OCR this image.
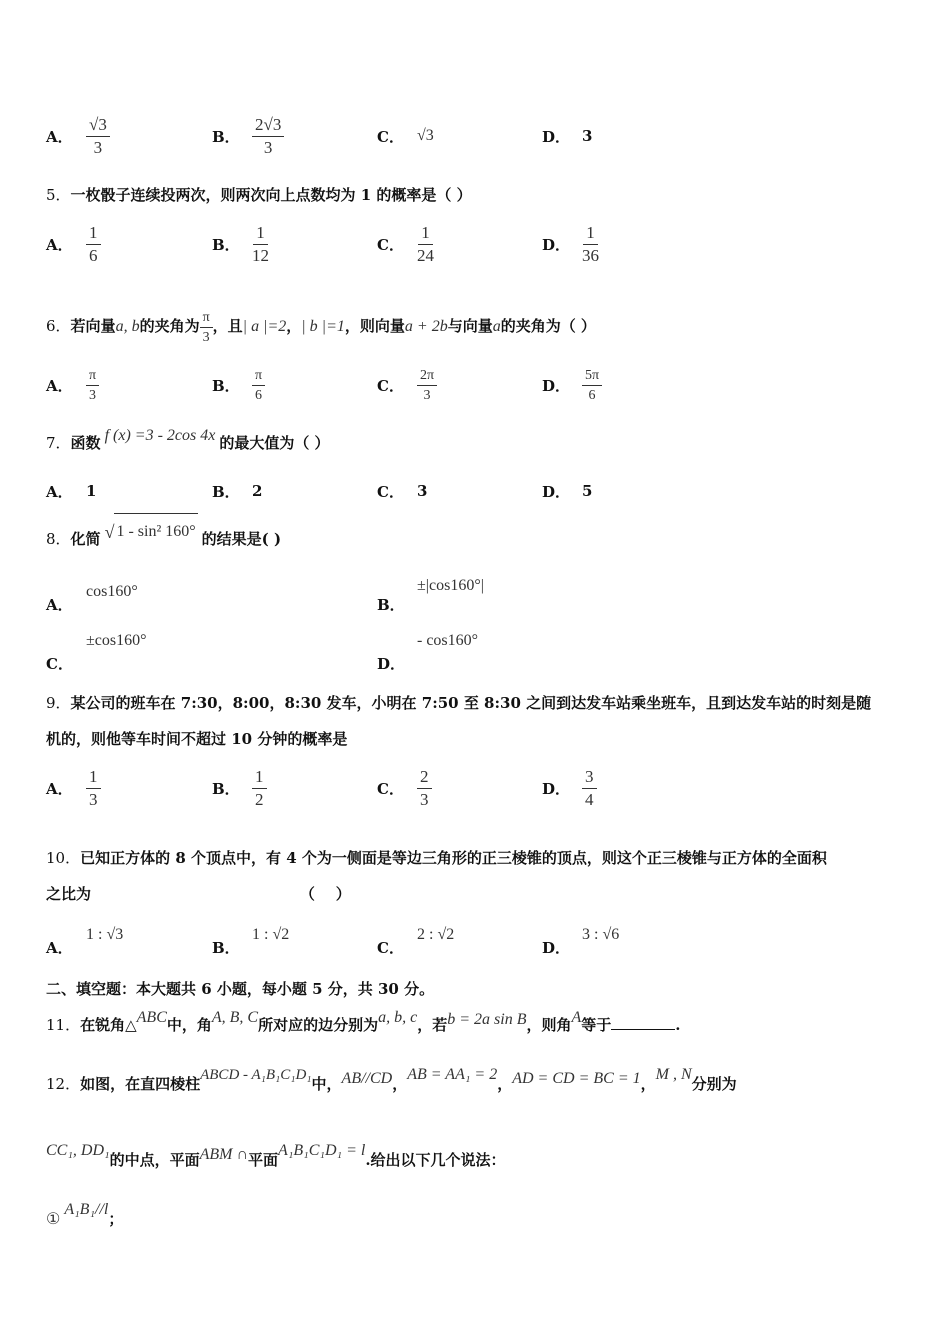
A． $\frac{√3}{3}$	B． $\frac{2√3}{3}$	C． √3	D． 3
5．一枚骰子连续投两次，则两次向上点数均为 1 的概率是（ ）
A． $\frac{1}{6}$	B． $\frac{1}{12}$	C． $\frac{1}{24}$	D． $\frac{1}{36}$
6．若向量a, b的夹角为 $\frac{\pi}{3}$ ，且| a |=2，| b |=1，则向量a + 2b与向量a的夹角为（ ）
A． $\frac{\pi}{3}$	B． $\frac{\pi}{6}$	C． $\frac{2\pi}{3}$	D． $\frac{5\pi}{6}$
7．函数 f (x) =3 - 2cos 4x 的最大值为（ ）
A． 1	B． 2	C． 3	D． 5
8．化简 √ 1 - sin² 160° 的结果是( )
A．
cos160°
B．
±|cos160°|
C．
±cos160°
D．
- cos160°
9．某公司的班车在 7:30，8:00，8:30 发车，小明在 7:50 至 8:30 之间到达发车站乘坐班车，且到达发车站的时刻是随
机的，则他等车时间不超过 10 分钟的概率是
A． $\frac{1}{3}$	B． $\frac{1}{2}$	C． $\frac{2}{3}$	D． $\frac{3}{4}$
10．已知正方体的 8 个顶点中，有 4 个为一侧面是等边三角形的正三棱锥的顶点，则这个正三棱锥与正方体的全面积
之比为                                        （    ）
A．
1 : √3
B．
1 : √2
C．
2 : √2
D．
3 : √6
二、填空题：本大题共 6 小题，每小题 5 分，共 30 分。
11．在锐角△ABC中，角A, B, C所对应的边分别为a, b, c，若b = 2a sin B，则角A等于	.
12．如图，在直四棱柱ABCD - A₁B₁C₁D₁中，AB//CD，AB = AA₁ = 2，AD = CD = BC = 1，M , N分别为
CC₁, DD₁的中点，平面ABM ∩平面A₁B₁C₁D₁ = l.给出以下几个说法：
①A₁B₁//l；
